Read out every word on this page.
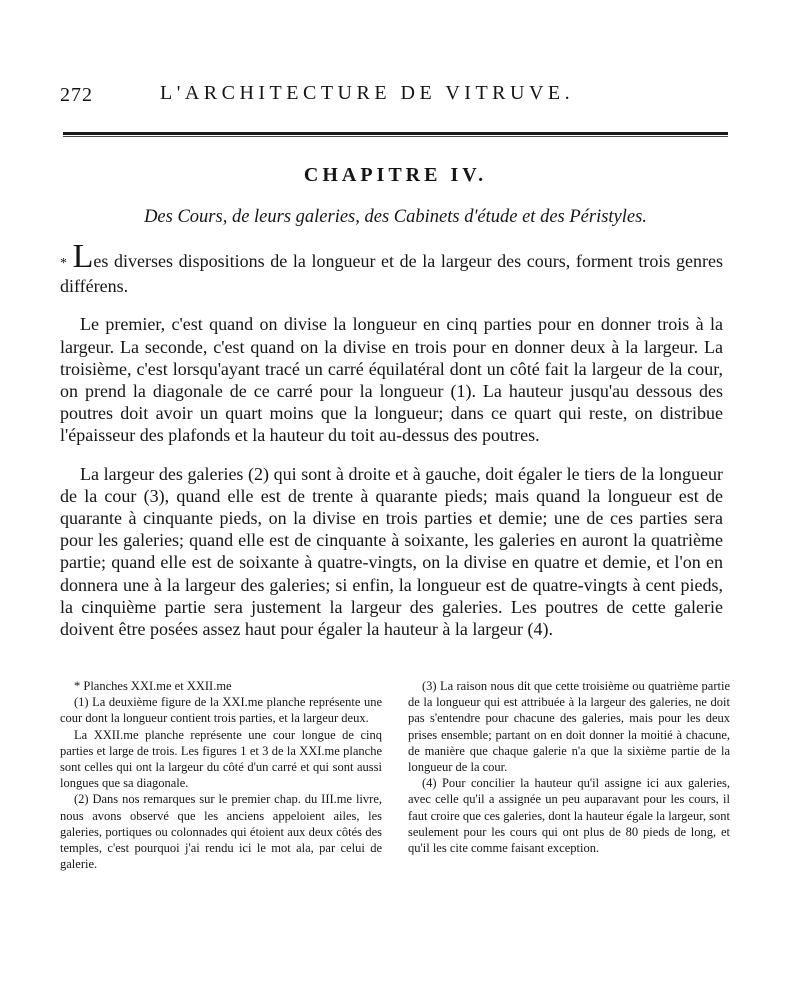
272	L'ARCHITECTURE DE VITRUVE.
CHAPITRE IV.
Des Cours, de leurs galeries, des Cabinets d'étude et des Péristyles.

* Les diverses dispositions de la longueur et de la largeur des cours, forment trois genres différens.

Le premier, c'est quand on divise la longueur en cinq parties pour en donner trois à la largeur. La seconde, c'est quand on la divise en trois pour en donner deux à la largeur. La troisième, c'est lorsqu'ayant tracé un carré équilatéral dont un côté fait la largeur de la cour, on prend la diagonale de ce carré pour la longueur (1). La hauteur jusqu'au dessous des poutres doit avoir un quart moins que la longueur; dans ce quart qui reste, on distribue l'épaisseur des plafonds et la hauteur du toit au-dessus des poutres.

La largeur des galeries (2) qui sont à droite et à gauche, doit égaler le tiers de la longueur de la cour (3), quand elle est de trente à quarante pieds; mais quand la longueur est de quarante à cinquante pieds, on la divise en trois parties et demie; une de ces parties sera pour les galeries; quand elle est de cinquante à soixante, les galeries en auront la quatrième partie; quand elle est de soixante à quatre-vingts, on la divise en quatre et demie, et l'on en donnera une à la largeur des galeries; si enfin, la longueur est de quatre-vingts à cent pieds, la cinquième partie sera justement la largeur des galeries. Les poutres de cette galerie doivent être posées assez haut pour égaler la hauteur à la largeur (4).

* Planches XXI.me et XXII.me

(1) La deuxième figure de la XXI.me planche représente une cour dont la longueur contient trois parties, et la largeur deux.

La XXII.me planche représente une cour longue de cinq parties et large de trois. Les figures 1 et 3 de la XXI.me planche sont celles qui ont la largeur du côté d'un carré et qui sont aussi longues que sa diagonale.

(2) Dans nos remarques sur le premier chap. du III.me livre, nous avons observé que les anciens appeloient ailes, les galeries, portiques ou colonnades qui étoient aux deux côtés des temples, c'est pourquoi j'ai rendu ici le mot ala, par celui de galerie.

(3) La raison nous dit que cette troisième ou quatrième partie de la longueur qui est attribuée à la largeur des galeries, ne doit pas s'entendre pour chacune des galeries, mais pour les deux prises ensemble; partant on en doit donner la moitié à chacune, de manière que chaque galerie n'a que la sixième partie de la longueur de la cour.

(4) Pour concilier la hauteur qu'il assigne ici aux galeries, avec celle qu'il a assignée un peu auparavant pour les cours, il faut croire que ces galeries, dont la hauteur égale la largeur, sont seulement pour les cours qui ont plus de 80 pieds de long, et qu'il les cite comme faisant exception.
